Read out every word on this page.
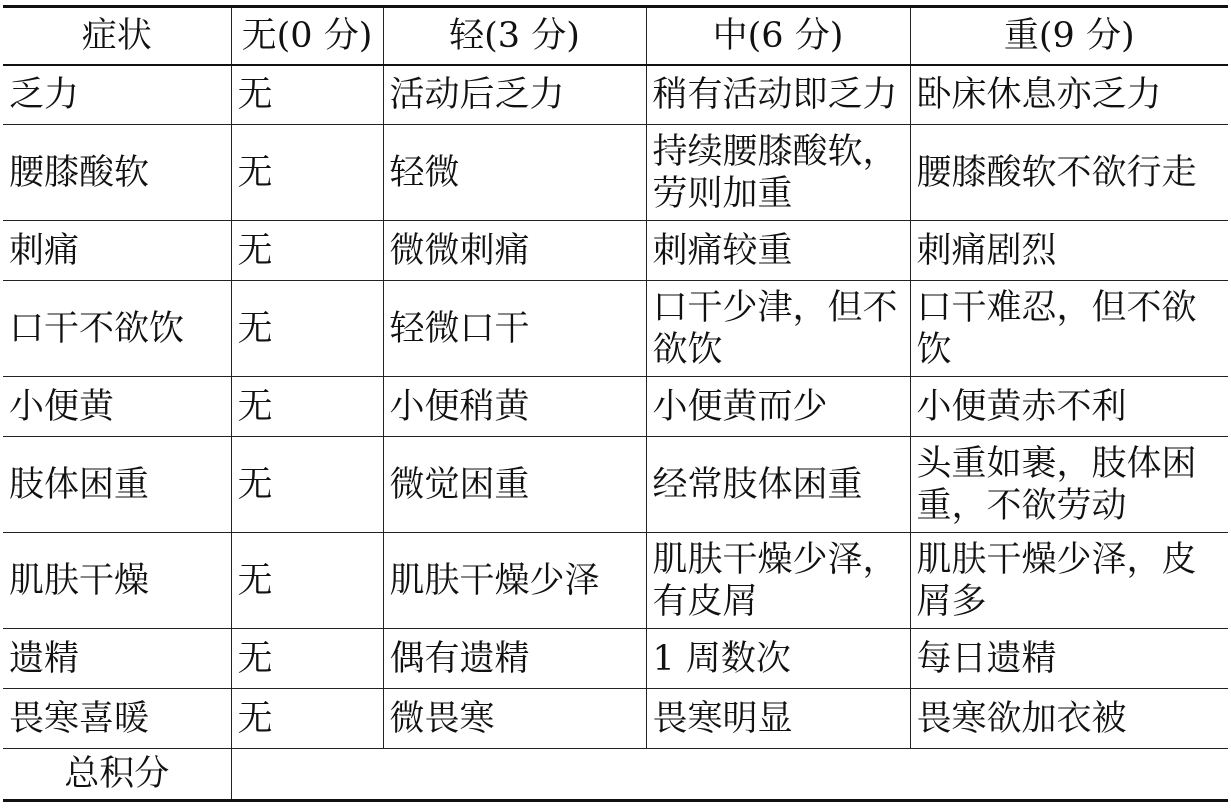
症状	无(0 分)	轻(3 分)	中(6 分)	重(9 分)
乏力	无	活动后乏力	稍有活动即乏力	卧床休息亦乏力
腰膝酸软	无	轻微	持续腰膝酸软，劳则加重	腰膝酸软不欲行走
刺痛	无	微微刺痛	刺痛较重	刺痛剧烈
口干不欲饮	无	轻微口干	口干少津，但不欲饮	口干难忍，但不欲饮
小便黄	无	小便稍黄	小便黄而少	小便黄赤不利
肢体困重	无	微觉困重	经常肢体困重	头重如裹，肢体困重，不欲劳动
肌肤干燥	无	肌肤干燥少泽	肌肤干燥少泽，有皮屑	肌肤干燥少泽，皮屑多
遗精	无	偶有遗精	1 周数次	每日遗精
畏寒喜暖	无	微畏寒	畏寒明显	畏寒欲加衣被
总积分				
